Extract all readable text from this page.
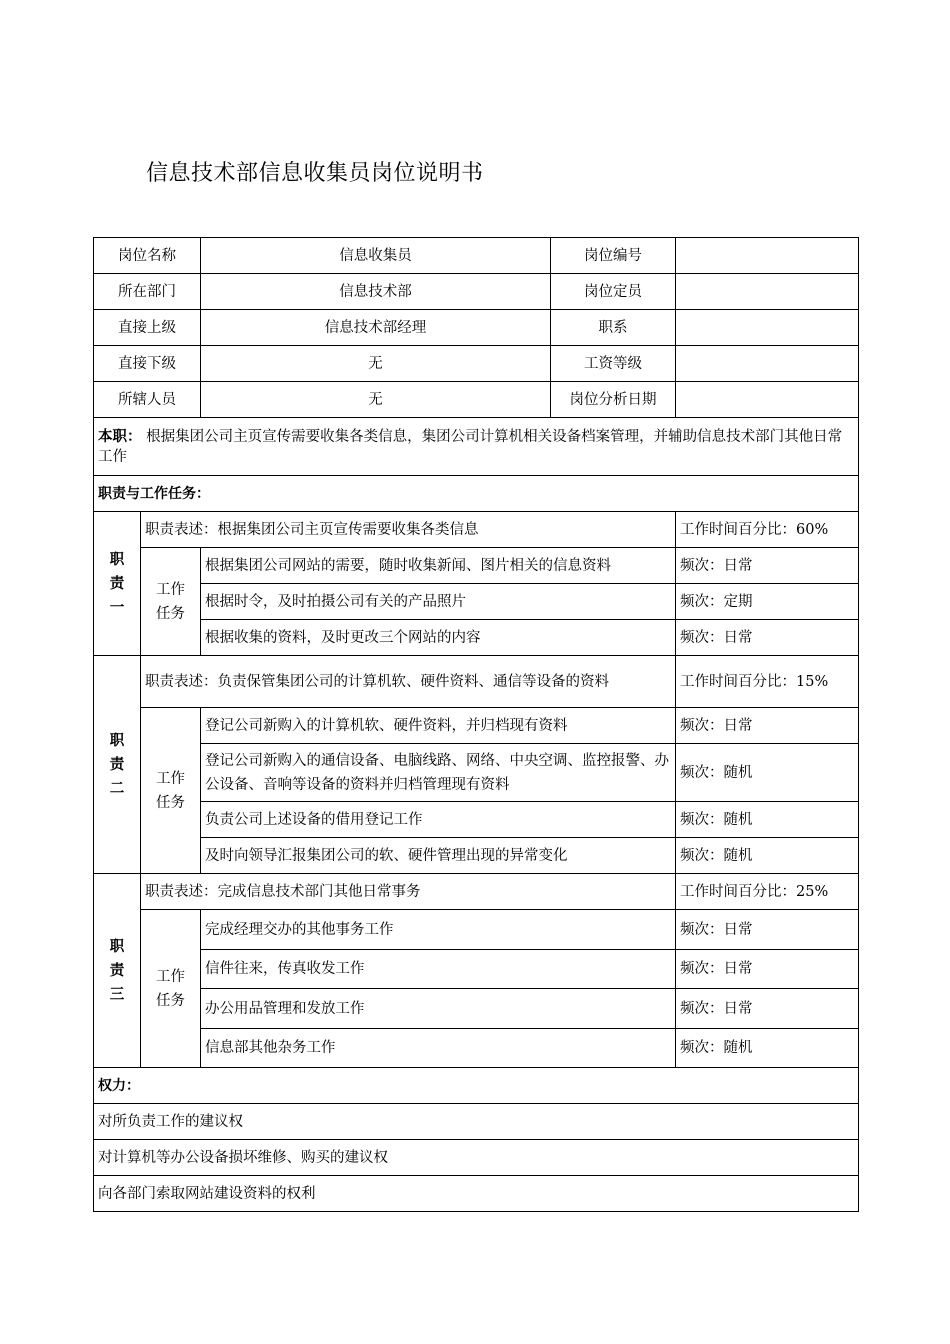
信息技术部信息收集员岗位说明书
岗位名称		信息收集员	岗位编号	
所在部门		信息技术部	岗位定员	
直接上级		信息技术部经理	职系	
直接下级		无	工资等级	
所辖人员		无	岗位分析日期	
本职： 根据集团公司主页宣传需要收集各类信息，集团公司计算机相关设备档案管理，并辅助信息技术部门其他日常工作				
职责与工作任务：				

职
责
一	职责表述：根据集团公司主页宣传需要收集各类信息			工作时间百分比：60%

	工作
任务	根据集团公司网站的需要，随时收集新闻、图片相关的信息资料		频次：日常
		根据时令，及时拍摄公司有关的产品照片		频次：定期
		根据收集的资料，及时更改三个网站的内容		频次：日常

职
责
二	职责表述：负责保管集团公司的计算机软、硬件资料、通信等设备的资料			工作时间百分比：15%

	工作
任务	登记公司新购入的计算机软、硬件资料，并归档现有资料		频次：日常
		登记公司新购入的通信设备、电脑线路、网络、中央空调、监控报警、办公设备、音响等设备的资料并归档管理现有资料		频次：随机
		负责公司上述设备的借用登记工作		频次：随机
		及时向领导汇报集团公司的软、硬件管理出现的异常变化		频次：随机

职
责
三	职责表述：完成信息技术部门其他日常事务			工作时间百分比：25%

	工作
任务	完成经理交办的其他事务工作		频次：日常
		信件往来，传真收发工作		频次：日常
		办公用品管理和发放工作		频次：日常
		信息部其他杂务工作		频次：随机
权力：				
对所负责工作的建议权				
对计算机等办公设备损坏维修、购买的建议权				
向各部门索取网站建设资料的权利				
